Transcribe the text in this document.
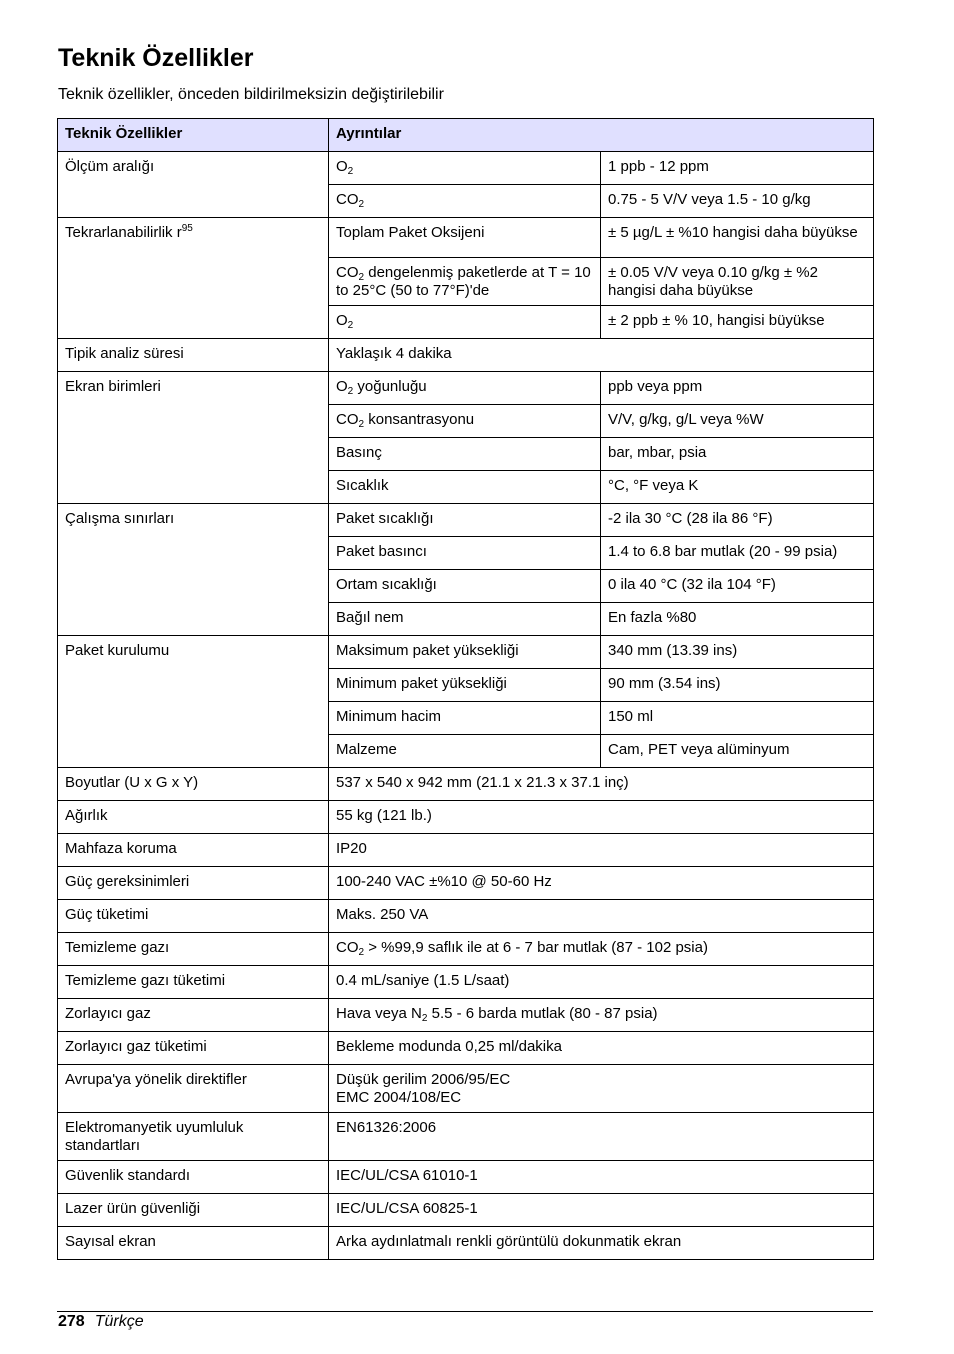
Teknik Özellikler

Teknik özellikler, önceden bildirilmeksizin değiştirilebilir

Teknik Özellikler	Ayrıntılar	
Ölçüm aralığı	$O_2$	1 ppb - 12 ppm
	$CO_2$	0.75 - 5 V/V veya 1.5 - 10 g/kg
Tekrarlanabilirlik $r^{95}$	Toplam Paket Oksijeni	± 5 µg/L ± %10 hangisi daha büyükse
	$CO_2$ dengelenmiş paketlerde at T = 10 to 25°C (50 to 77°F)'de	± 0.05 V/V veya 0.10 g/kg ± %2 hangisi daha büyükse
	$O_2$	± 2 ppb ± % 10, hangisi büyükse
Tipik analiz süresi	Yaklaşık 4 dakika	
Ekran birimleri	$O_2$ yoğunluğu	ppb veya ppm
	$CO_2$ konsantrasyonu	V/V, g/kg, g/L veya %W
	Basınç	bar, mbar, psia
	Sıcaklık	°C, °F veya K
Çalışma sınırları	Paket sıcaklığı	-2 ila 30 °C (28 ila 86 °F)
	Paket basıncı	1.4 to 6.8 bar mutlak (20 - 99 psia)
	Ortam sıcaklığı	0 ila 40 °C (32 ila 104 °F)
	Bağıl nem	En fazla %80
Paket kurulumu	Maksimum paket yüksekliği	340 mm (13.39 ins)
	Minimum paket yüksekliği	90 mm (3.54 ins)
	Minimum hacim	150 ml
	Malzeme	Cam, PET veya alüminyum
Boyutlar (U x G x Y)	537 x 540 x 942 mm (21.1 x 21.3 x 37.1 inç)	
Ağırlık	55 kg (121 lb.)	
Mahfaza koruma	IP20	
Güç gereksinimleri	100-240 VAC ±%10 @ 50-60 Hz	
Güç tüketimi	Maks. 250 VA	
Temizleme gazı	$CO_2 > \%99,9$ saflık ile at 6 - 7 bar mutlak (87 - 102 psia)	
Temizleme gazı tüketimi	0.4 mL/saniye (1.5 L/saat)	
Zorlayıcı gaz	Hava veya $N_2$ 5.5 - 6 barda mutlak (80 - 87 psia)	
Zorlayıcı gaz tüketimi	Bekleme modunda 0,25 ml/dakika	
Avrupa'ya yönelik direktifler	Düşük gerilim 2006/95/EC
EMC 2004/108/EC	

Elektromanyetik uyumluluk standartları	EN61326:2006	
Güvenlik standardı	IEC/UL/CSA 61010-1	
Lazer ürün güvenliği	IEC/UL/CSA 60825-1	
Sayısal ekran	Arka aydınlatmalı renkli görüntülü dokunmatik ekran	
278 Türkçe
